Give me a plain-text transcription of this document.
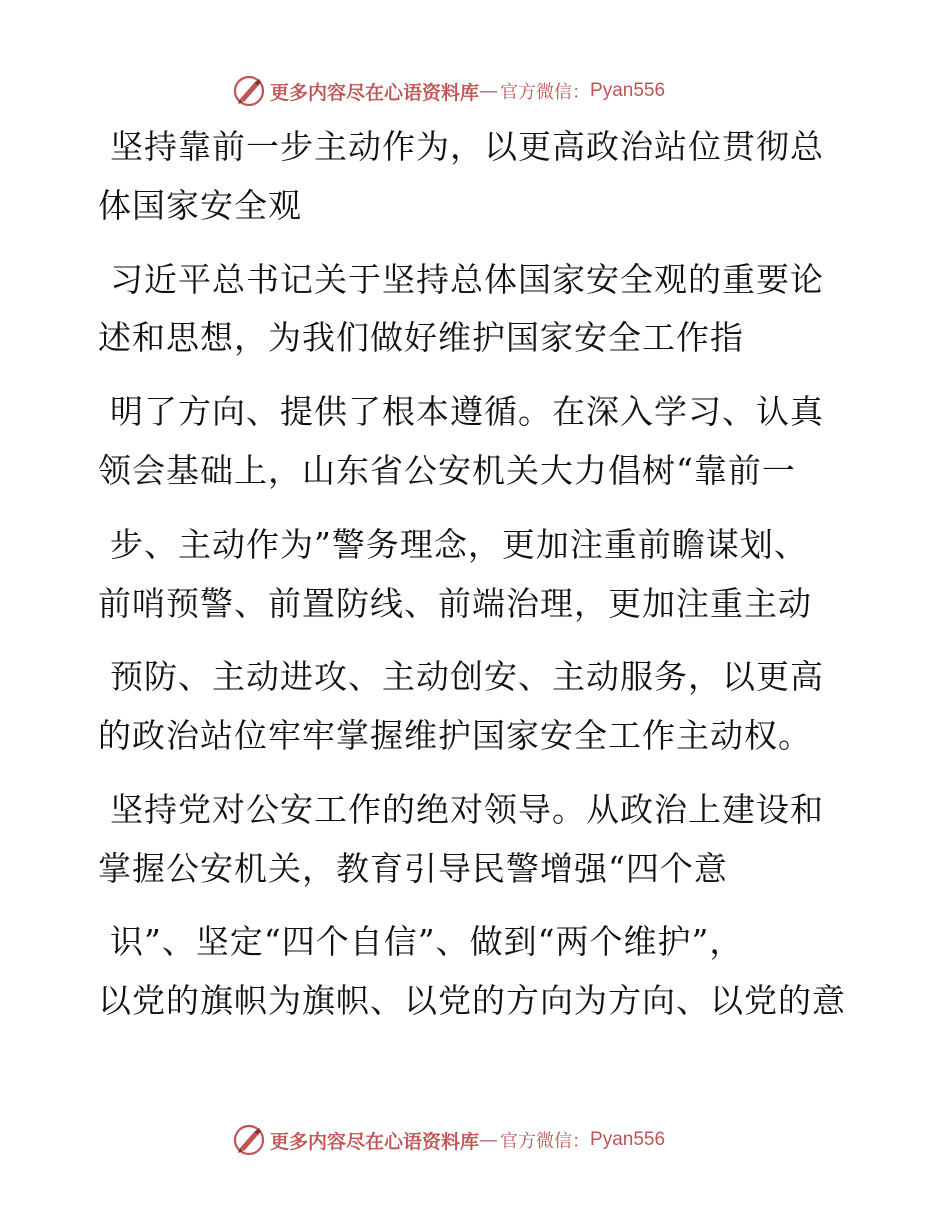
更多内容尽在心语资料库 — 官方微信： Pyan556
坚持靠前一步主动作为，以更高政治站位贯彻总
体国家安全观
习近平总书记关于坚持总体国家安全观的重要论
述和思想，为我们做好维护国家安全工作指
明了方向、提供了根本遵循。在深入学习、认真
领会基础上，山东省公安机关大力倡树“靠前一
步、主动作为”警务理念，更加注重前瞻谋划、
前哨预警、前置防线、前端治理，更加注重主动
预防、主动进攻、主动创安、主动服务，以更高
的政治站位牢牢掌握维护国家安全工作主动权。
坚持党对公安工作的绝对领导。从政治上建设和
掌握公安机关，教育引导民警增强“四个意
识”、坚定“四个自信”、做到“两个维护”，
以党的旗帜为旗帜、以党的方向为方向、以党的意
更多内容尽在心语资料库 — 官方微信： Pyan556
